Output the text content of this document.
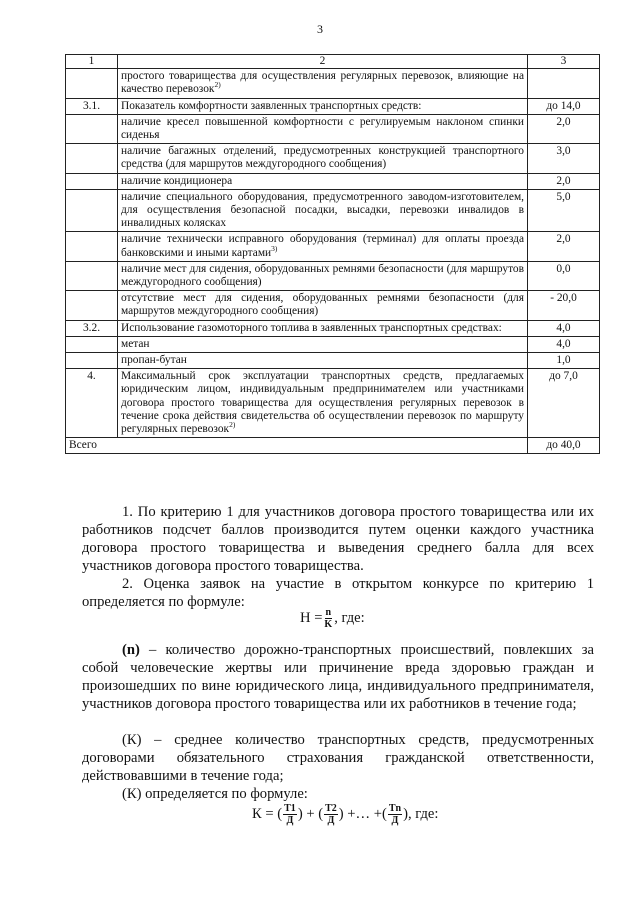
3
1	2	3
	простого товарищества для осуществления регулярных перевозок, влияющие на качество перевозок$^{2)}$	
3.1.	Показатель комфортности заявленных транспортных средств:	до 14,0
	наличие кресел повышенной комфортности с регулируемым наклоном спинки сиденья	2,0
	наличие багажных отделений, предусмотренных конструкцией транспортного средства (для маршрутов междугородного сообщения)	3,0
	наличие кондиционера	2,0
	наличие специального оборудования, предусмотренного заводом-изготовителем, для осуществления безопасной посадки, высадки, перевозки инвалидов в инвалидных колясках	5,0
	наличие технически исправного оборудования (терминал) для оплаты проезда банковскими и иными картами$^{3)}$	2,0
	наличие мест для сидения, оборудованных ремнями безопасности (для маршрутов междугородного сообщения)	0,0
	отсутствие мест для сидения, оборудованных ремнями безопасности (для маршрутов междугородного сообщения)	- 20,0
3.2.	Использование газомоторного топлива в заявленных транспортных средствах:	4,0
	метан	4,0
	пропан-бутан	1,0
4.	Максимальный срок эксплуатации транспортных средств, предлагаемых юридическим лицом, индивидуальным предпринимателем или участниками договора простого товарищества для осуществления регулярных перевозок в течение срока действия свидетельства об осуществлении перевозок по маршруту регулярных перевозок$^{2)}$	до 7,0
Всего		до 40,0
1. По критерию 1 для участников договора простого товарищества или их работников подсчет баллов производится путем оценки каждого участника договора простого товарищества и выведения среднего балла для всех участников договора простого товарищества.
2. Оценка заявок на участие в открытом конкурсе по критерию 1 определяется по формуле:
$Н = \frac{n}{K}$ , где:
(n) – количество дорожно-транспортных происшествий, повлекших за собой человеческие жертвы или причинение вреда здоровью граждан и произошедших по вине юридического лица, индивидуального предпринимателя, участников договора простого товарищества или их работников в течение года;
(К) – среднее количество транспортных средств, предусмотренных договорами обязательного страхования гражданской ответственности, действовавшими в течение года;
(К) определяется по формуле:
К = ( $\frac{T1}{Д}$ ) + ( $\frac{T2}{Д}$ ) +… + ( $\frac{Tn}{Д}$ ) , где:
